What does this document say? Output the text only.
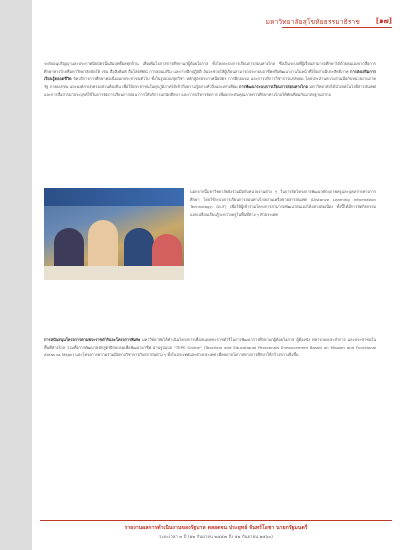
มหาวิทยาลัยสุโขทัยธรรมาธิราช [๑๗]
ระดับอนุปริญญาและประกาศนียบัตรนั้นสัมฤทธิ์ผลทุกด้าน เพื่อเพิ่มโอกาสการศึกษาแก่ผู้ด้อยโอกาส ทั้งโดยระบบการเรียนการสอนทางไกล ซึ่งเป็นระบบที่ผู้เรียนสามารถศึกษาได้ด้วยตนเองจากสื่อการศึกษาทางไกลที่มหาวิทยาลัยจัดให้ เช่น สื่อสิ่งพิมพ์ สื่อโสตทัศน์ การสอนเสริม และการฝึกปฏิบัติ อันจะช่วยให้ผู้เรียนสามารถประกอบอาชีพหรือพัฒนางานในหน้าที่ได้อย่างมีประสิทธิภาพ การส่งเสริมการเรียนรู้ตลอดชีวิต จัดบริการการศึกษาต่อเนื่องแก่ประชาชนทั่วไป ทั้งในรูปแบบชุดวิชา หลักสูตรประกาศนียบัตร การฝึกอบรม และการบริการวิชาการแก่สังคม โดยประสานความร่วมมือกับหน่วยงานภาครัฐ ภาคเอกชน และองค์กรปกครองส่วนท้องถิ่น เพื่อให้ประชาชนในทุกภูมิภาคได้เข้าถึงความรู้อย่างทั่วถึงและเท่าเทียม การพัฒนาระบบการเรียนการสอนทางไกล มหาวิทยาลัยได้นำเทคโนโลยีสารสนเทศและการสื่อสารมาประยุกต์ใช้ในการจัดการเรียนการสอน การให้บริการแก่นักศึกษา และการบริหารจัดการ เพื่อยกระดับคุณภาพการศึกษาทางไกลให้ทัดเทียมกับมาตรฐานสากล
นอกจากนี้มหาวิทยาลัยยังร่วมมือกับหน่วยงานต่าง ๆ ในการจัดโครงการพัฒนาศักยภาพครูและบุคลากรทางการศึกษา โดยใช้ระบบการเรียนการสอนทางไกลผ่านเครือข่ายสารสนเทศ (Distance Learning Information Technology: DLIT) เพื่อให้ผู้เข้าร่วมโครงการสามารถพัฒนาตนเองได้อย่างต่อเนื่อง ทั้งนี้ได้มีการจัดกิจกรรมแลกเปลี่ยนเรียนรู้ระหว่างครูในพื้นที่ต่าง ๆ ทั่วประเทศ
การสนับสนุนโครงการตามพระราชดำริและโครงการพิเศษ มหาวิทยาลัยได้ดำเนินโครงการเพื่อสนองพระราชดำริในการพัฒนาการศึกษาแก่ผู้ด้อยโอกาส ผู้ต้องขัง ทหารกองประจำการ และประชาชนในพื้นที่ห่างไกล รวมทั้งการพัฒนาหลักสูตรฝึกอบรมเพื่อพัฒนาอาชีพ ผ่านรูปแบบ "TEPE Online" (Teachers and Educational Personnels Enhancement Based on Mission and Functional Areas as Major) และโครงการความร่วมมือทางวิชาการกับสถาบันต่าง ๆ ทั้งในประเทศและต่างประเทศ เพื่อขยายโอกาสทางการศึกษาให้กว้างขวางยิ่งขึ้น
รายงานผลการดำเนินงานของรัฐบาล ตลอดจน ประยุทธ์ จันทร์โอชา นายกรัฐมนตรี
ระยะเวลา ๓ ปี (๑๒ กันยายน ๒๕๕๗ ถึง ๑๒ กันยายน ๒๕๖๐)
